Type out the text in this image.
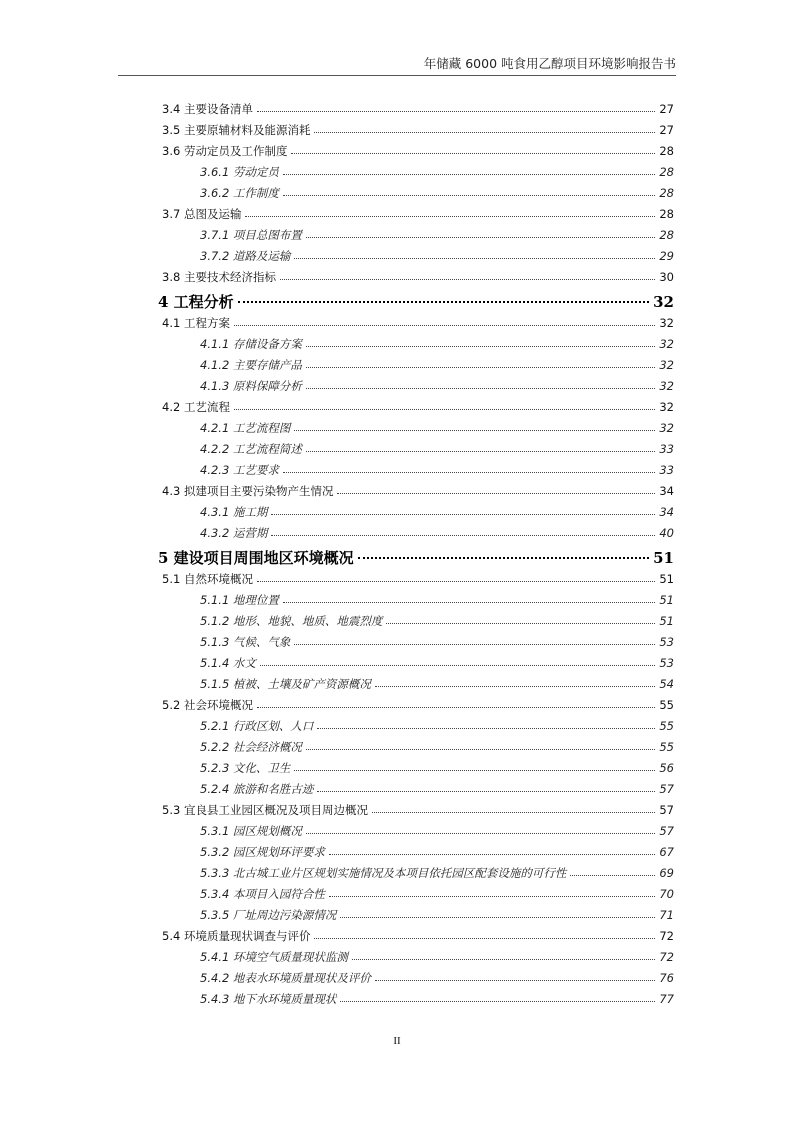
年储藏 6000 吨食用乙醇项目环境影响报告书
3.4 主要设备清单	27
3.5 主要原辅材料及能源消耗	27
3.6 劳动定员及工作制度	28
3.6.1 劳动定员	28
3.6.2 工作制度	28
3.7 总图及运输	28
3.7.1 项目总图布置	28
3.7.2 道路及运输	29
3.8 主要技术经济指标	30
4 工程分析	32
4.1 工程方案	32
4.1.1 存储设备方案	32
4.1.2 主要存储产品	32
4.1.3 原料保障分析	32
4.2 工艺流程	32
4.2.1 工艺流程图	32
4.2.2 工艺流程简述	33
4.2.3 工艺要求	33
4.3 拟建项目主要污染物产生情况	34
4.3.1 施工期	34
4.3.2 运营期	40
5 建设项目周围地区环境概况	51
5.1 自然环境概况	51
5.1.1 地理位置	51
5.1.2 地形、地貌、地质、地震烈度	51
5.1.3 气候、气象	53
5.1.4 水文	53
5.1.5 植被、土壤及矿产资源概况	54
5.2 社会环境概况	55
5.2.1 行政区划、人口	55
5.2.2 社会经济概况	55
5.2.3 文化、卫生	56
5.2.4 旅游和名胜古迹	57
5.3 宜良县工业园区概况及项目周边概况	57
5.3.1 园区规划概况	57
5.3.2 园区规划环评要求	67
5.3.3 北古城工业片区规划实施情况及本项目依托园区配套设施的可行性	69
5.3.4 本项目入园符合性	70
5.3.5 厂址周边污染源情况	71
5.4 环境质量现状调查与评价	72
5.4.1 环境空气质量现状监测	72
5.4.2 地表水环境质量现状及评价	76
5.4.3 地下水环境质量现状	77
II
